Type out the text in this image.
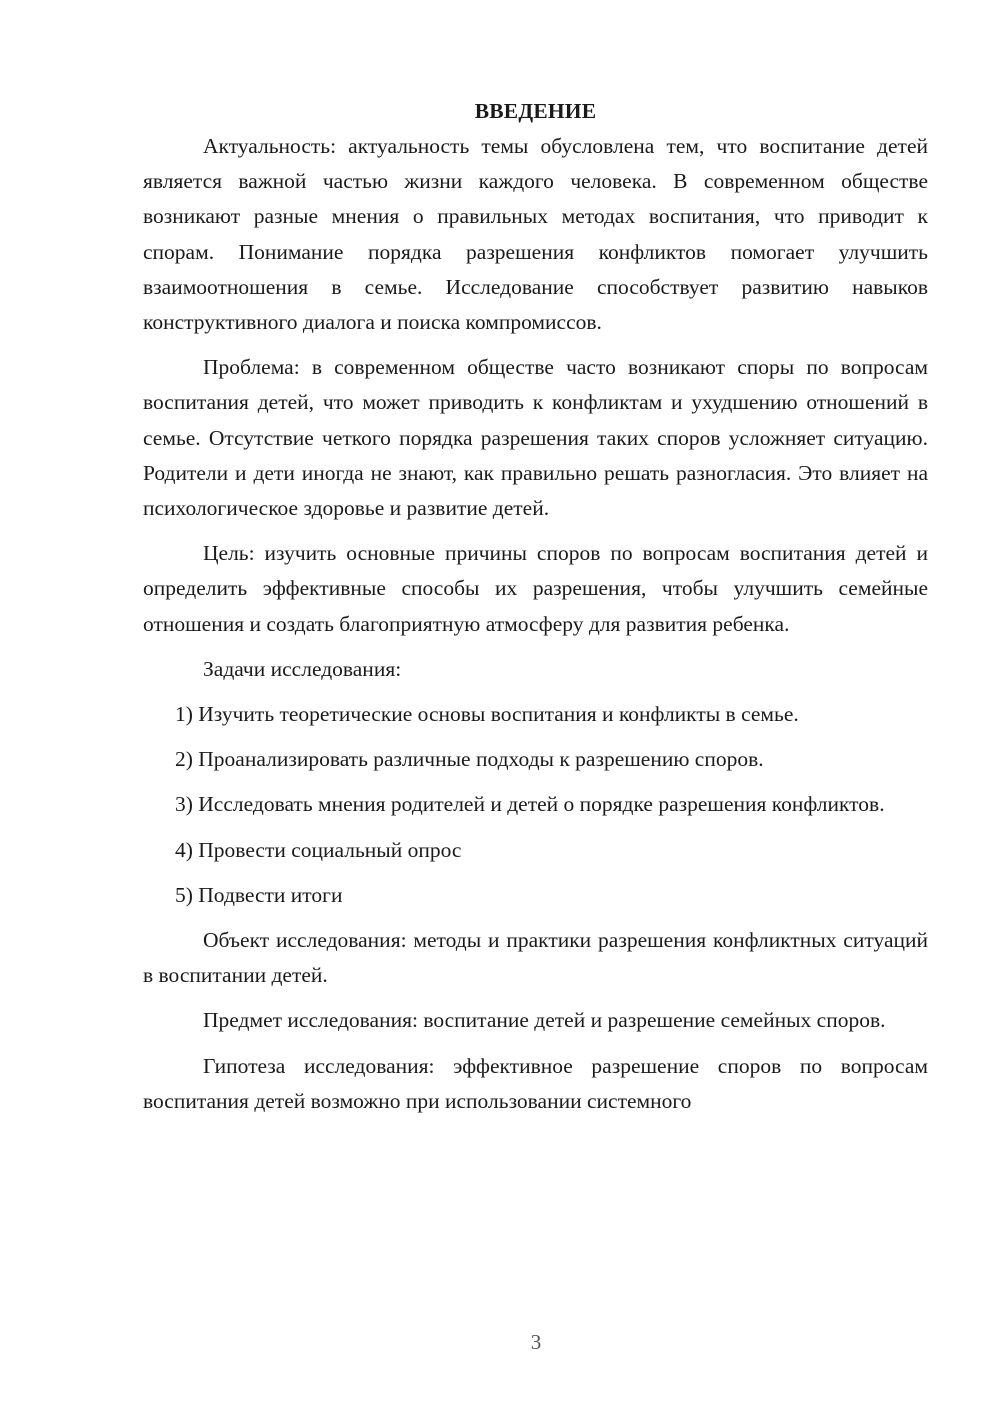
ВВЕДЕНИЕ

Актуальность: актуальность темы обусловлена тем, что воспитание детей является важной частью жизни каждого человека. В современном обществе возникают разные мнения о правильных методах воспитания, что приводит к спорам. Понимание порядка разрешения конфликтов помогает улучшить взаимоотношения в семье. Исследование способствует развитию навыков конструктивного диалога и поиска компромиссов.

Проблема: в современном обществе часто возникают споры по вопросам воспитания детей, что может приводить к конфликтам и ухудшению отношений в семье. Отсутствие четкого порядка разрешения таких споров усложняет ситуацию. Родители и дети иногда не знают, как правильно решать разногласия. Это влияет на психологическое здоровье и развитие детей.

Цель: изучить основные причины споров по вопросам воспитания детей и определить эффективные способы их разрешения, чтобы улучшить семейные отношения и создать благоприятную атмосферу для развития ребенка.

Задачи исследования:

1) Изучить теоретические основы воспитания и конфликты в семье.

2) Проанализировать различные подходы к разрешению споров.

3) Исследовать мнения родителей и детей о порядке разрешения конфликтов.

4) Провести социальный опрос

5) Подвести итоги

Объект исследования: методы и практики разрешения конфликтных ситуаций в воспитании детей.

Предмет исследования: воспитание детей и разрешение семейных споров.

Гипотеза исследования: эффективное разрешение споров по вопросам воспитания детей возможно при использовании системного

3
